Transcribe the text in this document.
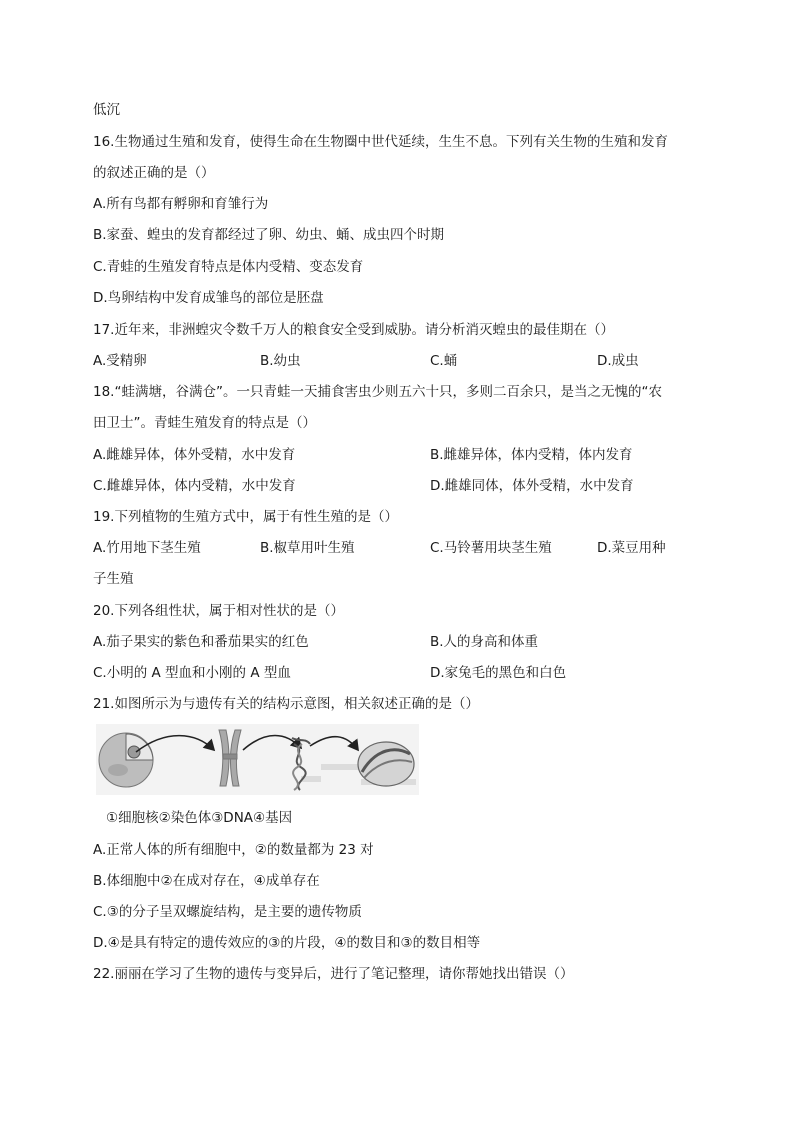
低沉
16.生物通过生殖和发育，使得生命在生物圈中世代延续，生生不息。下列有关生物的生殖和发育
的叙述正确的是（）
A.所有鸟都有孵卵和育雏行为
B.家蚕、蝗虫的发育都经过了卵、幼虫、蛹、成虫四个时期
C.青蛙的生殖发育特点是体内受精、变态发育
D.鸟卵结构中发育成雏鸟的部位是胚盘
17.近年来，非洲蝗灾令数千万人的粮食安全受到威胁。请分析消灭蝗虫的最佳期在（）
A.受精卵	B.幼虫	C.蛹	D.成虫
18.“蛙满塘，谷满仓”。一只青蛙一天捕食害虫少则五六十只，多则二百余只，是当之无愧的“农
田卫士”。青蛙生殖发育的特点是（）
A.雌雄异体，体外受精，水中发育	B.雌雄异体，体内受精，体内发育
C.雌雄异体，体内受精，水中发育	D.雌雄同体，体外受精，水中发育
19.下列植物的生殖方式中，属于有性生殖的是（）
A.竹用地下茎生殖	B.椒草用叶生殖	C.马铃薯用块茎生殖	D.菜豆用种
子生殖
20.下列各组性状，属于相对性状的是（）
A.茄子果实的紫色和番茄果实的红色	B.人的身高和体重
C.小明的 A 型血和小刚的 A 型血	D.家兔毛的黑色和白色
21.如图所示为与遗传有关的结构示意图，相关叙述正确的是（）
①细胞核②染色体③DNA④基因
A.正常人体的所有细胞中，②的数量都为 23 对
B.体细胞中②在成对存在，④成单存在
C.③的分子呈双螺旋结构，是主要的遗传物质
D.④是具有特定的遗传效应的③的片段，④的数目和③的数目相等
22.丽丽在学习了生物的遗传与变异后，进行了笔记整理，请你帮她找出错误（）
